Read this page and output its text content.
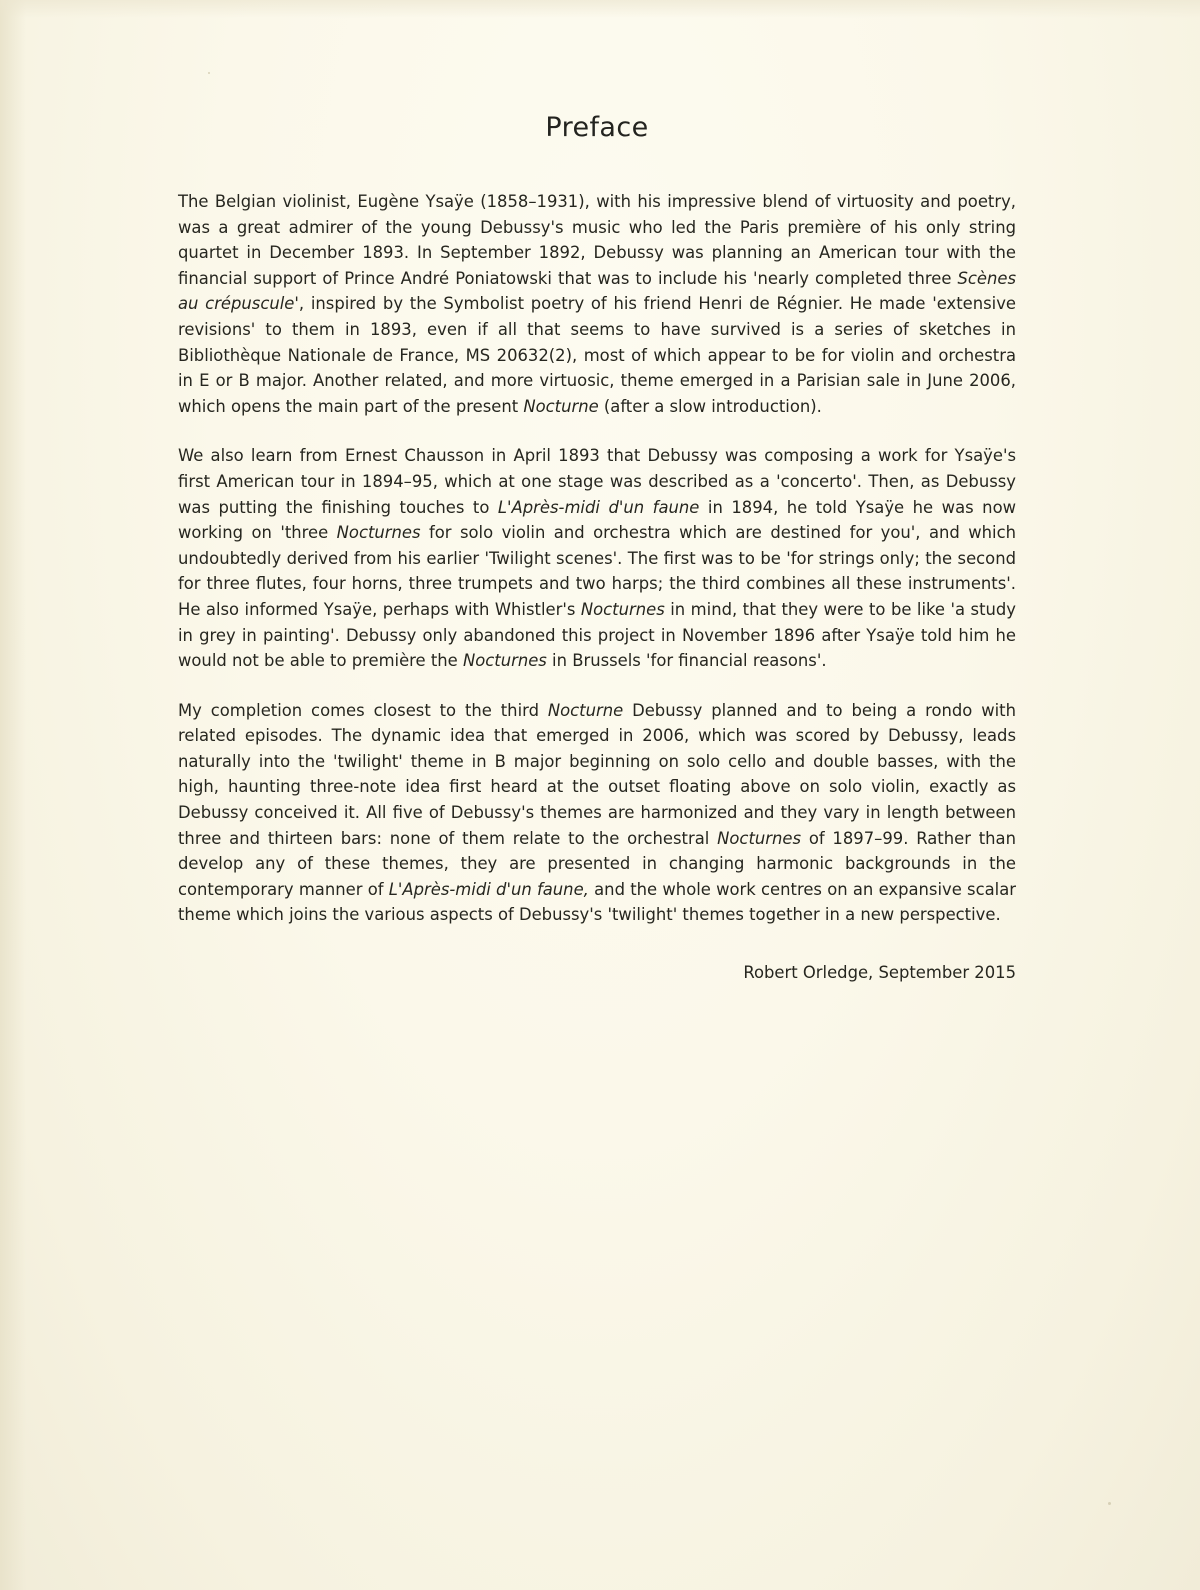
Preface

The Belgian violinist, Eugène Ysaÿe (1858–1931), with his impressive blend of virtuosity and poetry, was a great admirer of the young Debussy's music who led the Paris première of his only string quartet in December 1893. In September 1892, Debussy was planning an American tour with the financial support of Prince André Poniatowski that was to include his 'nearly completed three Scènes au crépuscule', inspired by the Symbolist poetry of his friend Henri de Régnier. He made 'extensive revisions' to them in 1893, even if all that seems to have survived is a series of sketches in Bibliothèque Nationale de France, MS 20632(2), most of which appear to be for violin and orchestra in E or B major. Another related, and more virtuosic, theme emerged in a Parisian sale in June 2006, which opens the main part of the present Nocturne (after a slow introduction).

We also learn from Ernest Chausson in April 1893 that Debussy was composing a work for Ysaÿe's first American tour in 1894–95, which at one stage was described as a 'concerto'. Then, as Debussy was putting the finishing touches to L'Après-midi d'un faune in 1894, he told Ysaÿe he was now working on 'three Nocturnes for solo violin and orchestra which are destined for you', and which undoubtedly derived from his earlier 'Twilight scenes'. The first was to be 'for strings only; the second for three flutes, four horns, three trumpets and two harps; the third combines all these instruments'. He also informed Ysaÿe, perhaps with Whistler's Nocturnes in mind, that they were to be like 'a study in grey in painting'. Debussy only abandoned this project in November 1896 after Ysaÿe told him he would not be able to première the Nocturnes in Brussels 'for financial reasons'.

My completion comes closest to the third Nocturne Debussy planned and to being a rondo with related episodes. The dynamic idea that emerged in 2006, which was scored by Debussy, leads naturally into the 'twilight' theme in B major beginning on solo cello and double basses, with the high, haunting three-note idea first heard at the outset floating above on solo violin, exactly as Debussy conceived it. All five of Debussy's themes are harmonized and they vary in length between three and thirteen bars: none of them relate to the orchestral Nocturnes of 1897–99. Rather than develop any of these themes, they are presented in changing harmonic backgrounds in the contemporary manner of L'Après-midi d'un faune, and the whole work centres on an expansive scalar theme which joins the various aspects of Debussy's 'twilight' themes together in a new perspective.

Robert Orledge, September 2015
